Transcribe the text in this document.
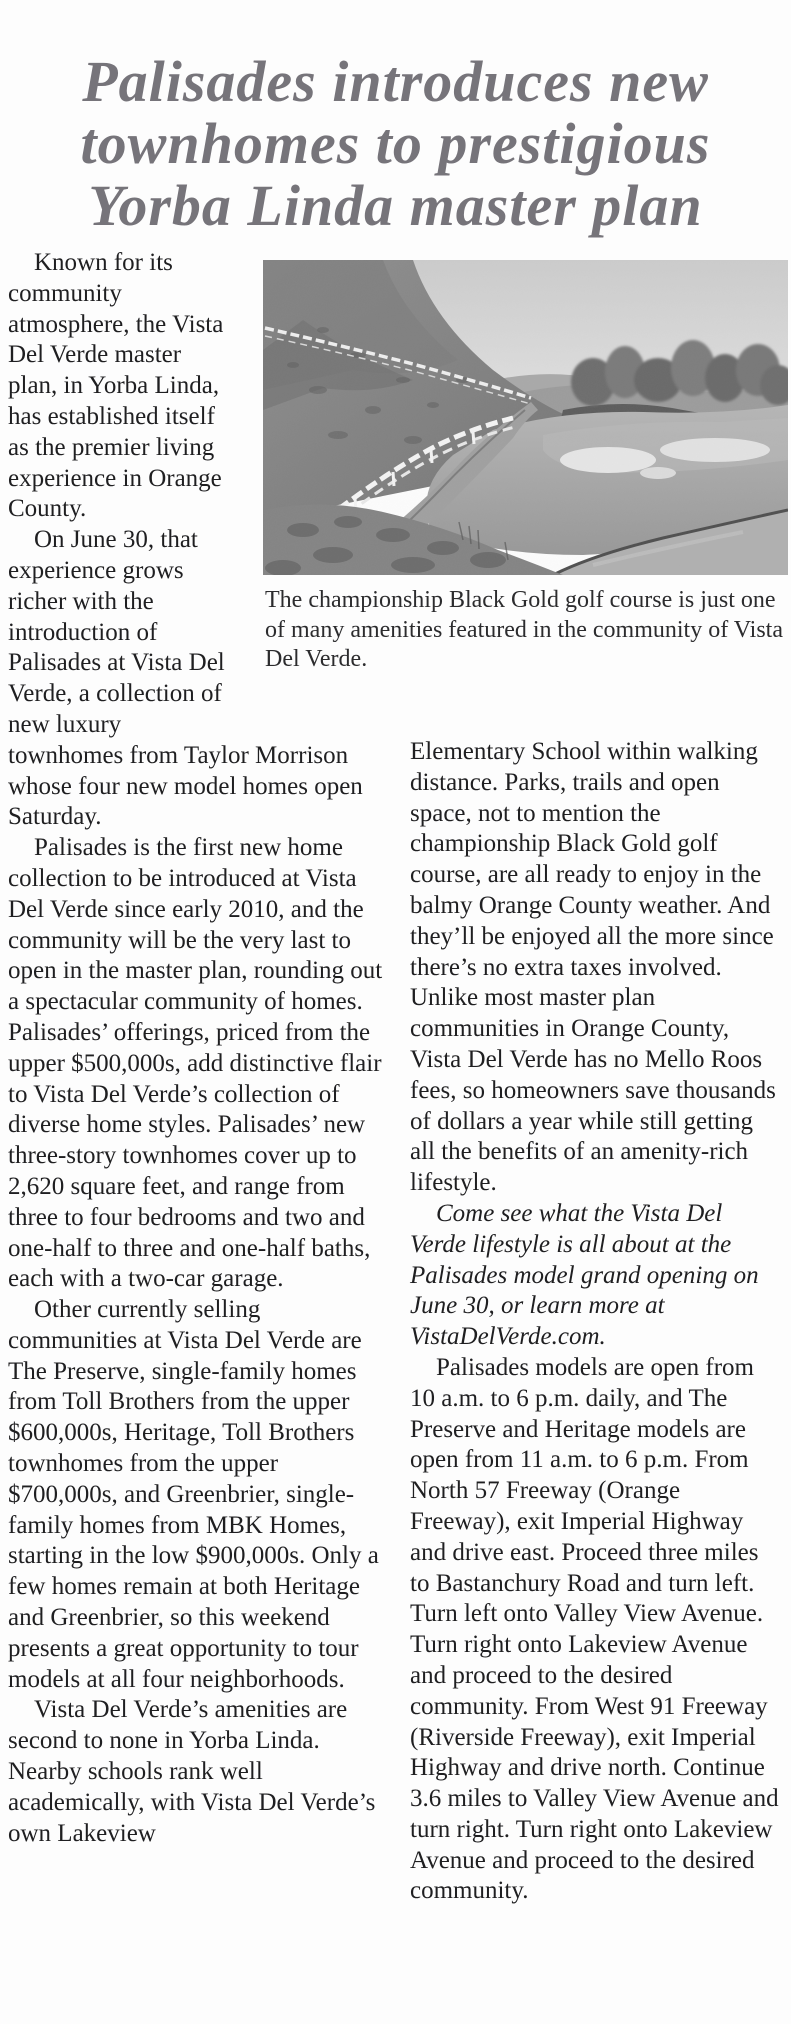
Palisades introduces new
townhomes to prestigious
Yorba Linda master plan
The championship Black Gold golf course is just one of many amenities featured in the community of Vista Del Verde.

Known for its community atmosphere, the Vista Del Verde master plan, in Yorba Linda, has established itself as the premier living experience in Orange County.

On June 30, that experience grows richer with the introduction of Palisades at Vista Del Verde, a collection of new luxury townhomes from Taylor Morrison whose four new model homes open Saturday.

Palisades is the first new home collection to be introduced at Vista Del Verde since early 2010, and the community will be the very last to open in the master plan, rounding out a spectacular community of homes. Palisades’ offerings, priced from the upper $500,000s, add distinctive flair to Vista Del Verde’s collection of diverse home styles. Palisades’ new three-story townhomes cover up to 2,620 square feet, and range from three to four bedrooms and two and one-half to three and one-half baths, each with a two-car garage.

Other currently selling communities at Vista Del Verde are The Preserve, single-family homes from Toll Brothers from the upper $600,000s, Heritage, Toll Brothers townhomes from the upper $700,000s, and Greenbrier, single-family homes from MBK Homes, starting in the low $900,000s. Only a few homes remain at both Heritage and Greenbrier, so this weekend presents a great opportunity to tour models at all four neighborhoods.

Vista Del Verde’s amenities are second to none in Yorba Linda. Nearby schools rank well academically, with Vista Del Verde’s own Lakeview

Elementary School within walking distance. Parks, trails and open space, not to mention the championship Black Gold golf course, are all ready to enjoy in the balmy Orange County weather. And they’ll be enjoyed all the more since there’s no extra taxes involved. Unlike most master plan communities in Orange County, Vista Del Verde has no Mello Roos fees, so homeowners save thousands of dollars a year while still getting all the benefits of an amenity-rich lifestyle.

Come see what the Vista Del Verde lifestyle is all about at the Palisades model grand opening on June 30, or learn more at VistaDelVerde.com.

Palisades models are open from 10 a.m. to 6 p.m. daily, and The Preserve and Heritage models are open from 11 a.m. to 6 p.m. From North 57 Freeway (Orange Freeway), exit Imperial Highway and drive east. Proceed three miles to Bastanchury Road and turn left. Turn left onto Valley View Avenue. Turn right onto Lakeview Avenue and proceed to the desired community. From West 91 Freeway (Riverside Freeway), exit Imperial Highway and drive north. Continue 3.6 miles to Valley View Avenue and turn right. Turn right onto Lakeview Avenue and proceed to the desired community.
